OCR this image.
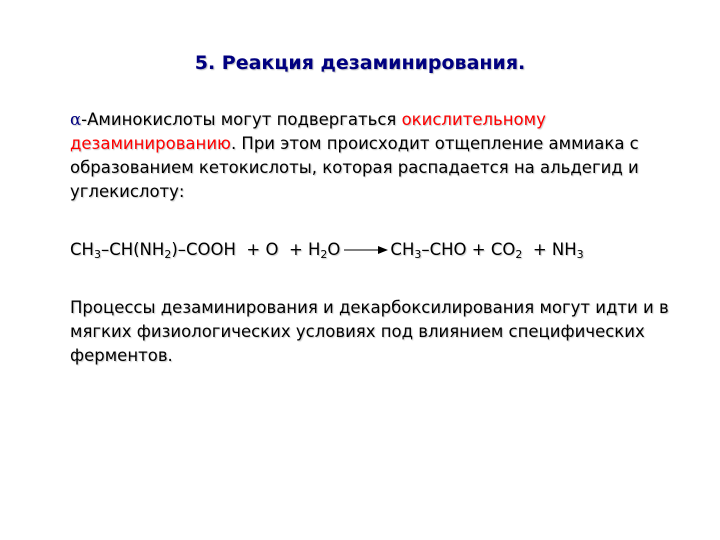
5. Реакция дезаминирования.
α-Аминокислоты могут подвергаться окислительному дезаминированию. При этом происходит отщепление аммиака с образованием кетокислоты, которая распадается на альдегид и углекислоту:
$CH_3-CH(NH_2)$–COOH  + $O + H_2O \to CH_3-CHO + CO_2 + NH_3$
Процессы дезаминирования и декарбоксилирования могут идти и в мягких физиологических условиях под влиянием специфических ферментов.
